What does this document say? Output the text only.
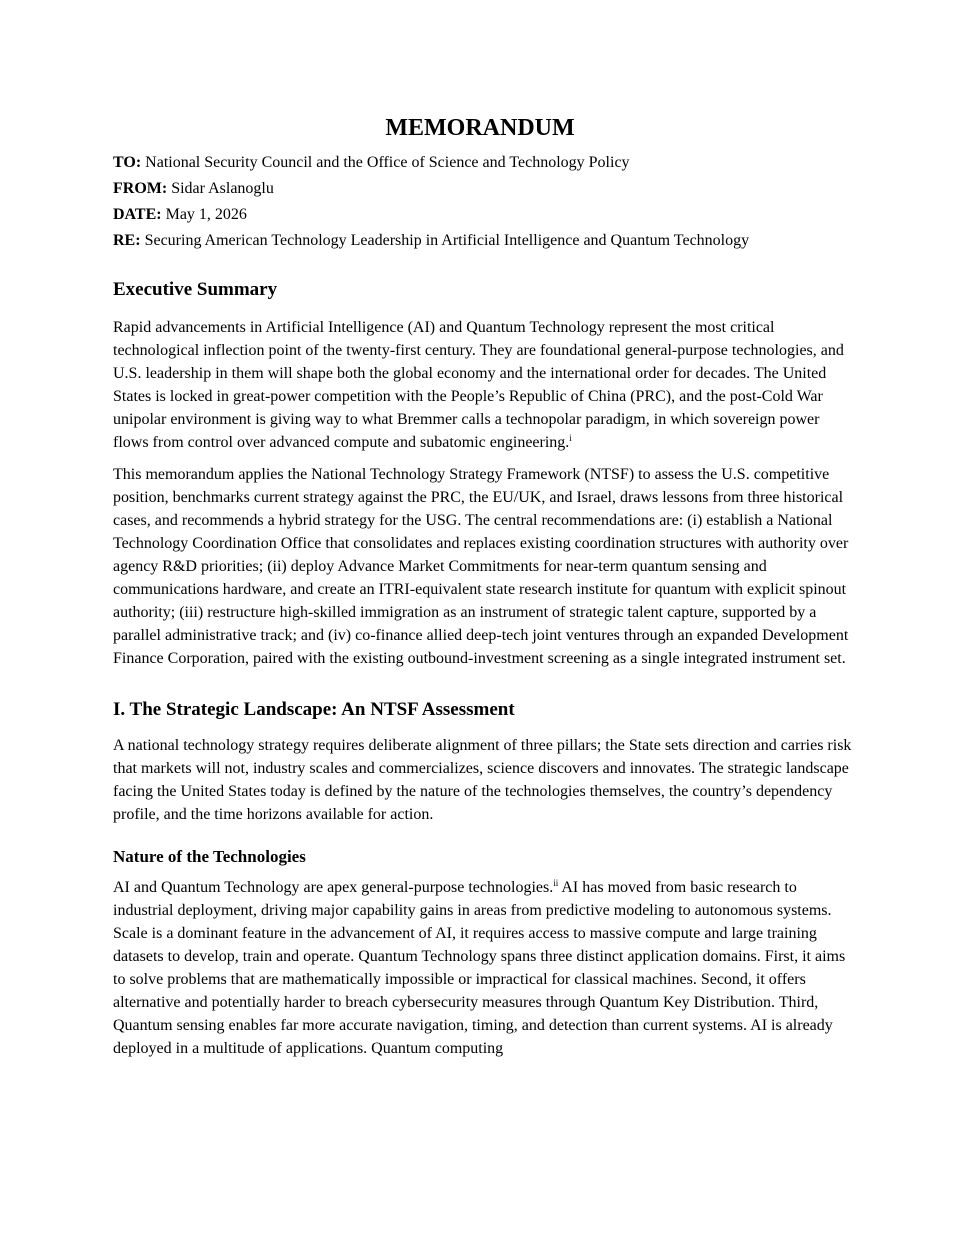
MEMORANDUM
TO: National Security Council and the Office of Science and Technology Policy
FROM: Sidar Aslanoglu
DATE: May 1, 2026
RE: Securing American Technology Leadership in Artificial Intelligence and Quantum Technology
Executive Summary

Rapid advancements in Artificial Intelligence (AI) and Quantum Technology represent the most critical technological inflection point of the twenty-first century. They are foundational general-purpose technologies, and U.S. leadership in them will shape both the global economy and the international order for decades. The United States is locked in great-power competition with the People’s Republic of China (PRC), and the post-Cold War unipolar environment is giving way to what Bremmer calls a technopolar paradigm, in which sovereign power flows from control over advanced compute and subatomic engineering.$^i$

This memorandum applies the National Technology Strategy Framework (NTSF) to assess the U.S. competitive position, benchmarks current strategy against the PRC, the EU/UK, and Israel, draws lessons from three historical cases, and recommends a hybrid strategy for the USG. The central recommendations are: (i) establish a National Technology Coordination Office that consolidates and replaces existing coordination structures with authority over agency R&D priorities; (ii) deploy Advance Market Commitments for near-term quantum sensing and communications hardware, and create an ITRI-equivalent state research institute for quantum with explicit spinout authority; (iii) restructure high-skilled immigration as an instrument of strategic talent capture, supported by a parallel administrative track; and (iv) co-finance allied deep-tech joint ventures through an expanded Development Finance Corporation, paired with the existing outbound-investment screening as a single integrated instrument set.

I. The Strategic Landscape: An NTSF Assessment

A national technology strategy requires deliberate alignment of three pillars; the State sets direction and carries risk that markets will not, industry scales and commercializes, science discovers and innovates. The strategic landscape facing the United States today is defined by the nature of the technologies themselves, the country’s dependency profile, and the time horizons available for action.

Nature of the Technologies

AI and Quantum Technology are apex general-purpose technologies.$^{ii}$ AI has moved from basic research to industrial deployment, driving major capability gains in areas from predictive modeling to autonomous systems. Scale is a dominant feature in the advancement of AI, it requires access to massive compute and large training datasets to develop, train and operate. Quantum Technology spans three distinct application domains. First, it aims to solve problems that are mathematically impossible or impractical for classical machines. Second, it offers alternative and potentially harder to breach cybersecurity measures through Quantum Key Distribution. Third, Quantum sensing enables far more accurate navigation, timing, and detection than current systems. AI is already deployed in a multitude of applications. Quantum computing
